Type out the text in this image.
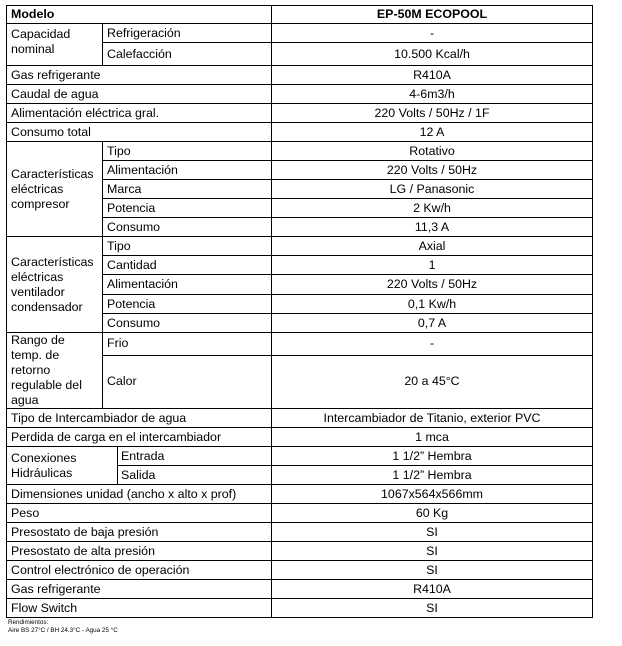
Modelo			EP-50M ECOPOOL
Capacidad nominal	Refrigeración		-
	Calefacción		10.500 Kcal/h
Gas refrigerante			R410A
Caudal de agua			4-6m3/h
Alimentación eléctrica gral.			220 Volts / 50Hz / 1F
Consumo total			12 A
Características eléctricas compresor	Tipo		Rotativo
	Alimentación		220 Volts / 50Hz
	Marca		LG / Panasonic
	Potencia		2 Kw/h
	Consumo		11,3 A
Características eléctricas ventilador condensador	Tipo		Axial
	Cantidad		1
	Alimentación		220 Volts / 50Hz
	Potencia		0,1 Kw/h
	Consumo		0,7 A
Rango de temp. de retorno regulable del agua	Frio		-
	Calor		20 a 45°C
Tipo de Intercambiador de agua			Intercambiador de Titanio, exterior PVC
Perdida de carga en el intercambiador			1 mca
Conexiones Hidráulicas		Entrada	1 1/2” Hembra
		Salida	1 1/2” Hembra
Dimensiones unidad (ancho x alto x prof)			1067x564x566mm
Peso			60 Kg
Presostato de baja presión			SI
Presostato de alta presión			SI
Control electrónico de operación			SI
Gas refrigerante			R410A
Flow Switch			SI
Rendimientos:
Aire BS 27°C / BH 24.3°C - Agua 25 °C
